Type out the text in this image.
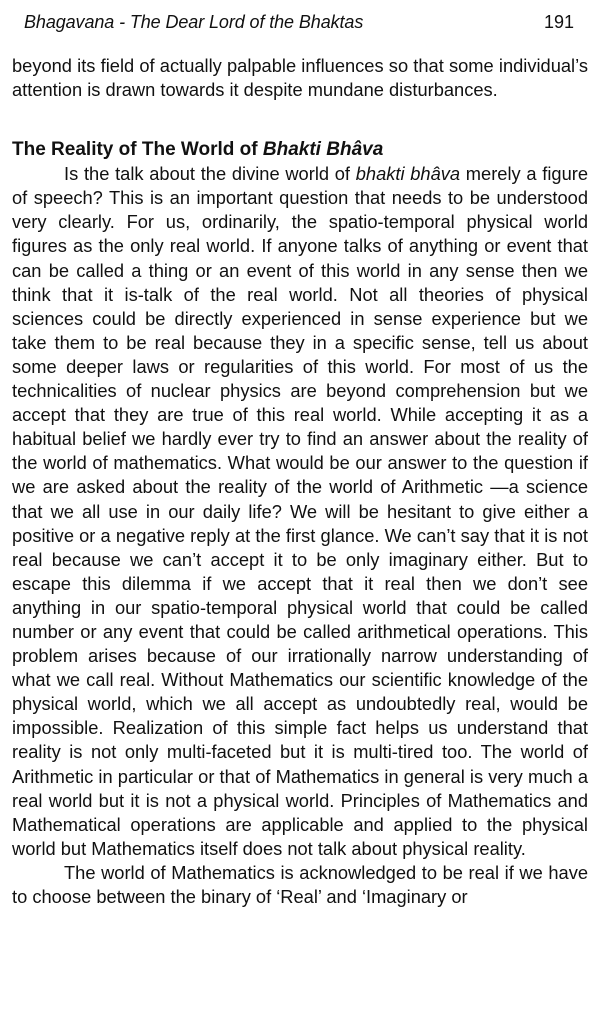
Bhagavana - The Dear Lord of the Bhaktas	191

beyond its field of actually palpable influences so that some individual’s attention is drawn towards it despite mundane disturbances.

The Reality of The World of Bhakti Bhâva

Is the talk about the divine world of bhakti bhâva merely a figure of speech? This is an important question that needs to be understood very clearly. For us, ordinarily, the spatio-temporal physical world figures as the only real world. If anyone talks of anything or event that can be called a thing or an event of this world in any sense then we think that it is-talk of the real world. Not all theories of physical sciences could be directly experienced in sense experience but we take them to be real because they in a specific sense, tell us about some deeper laws or regularities of this world. For most of us the technicalities of nuclear physics are beyond comprehension but we accept that they are true of this real world. While accepting it as a habitual belief we hardly ever try to find an answer about the reality of the world of mathematics. What would be our answer to the question if we are asked about the reality of the world of Arithmetic —a science that we all use in our daily life? We will be hesitant to give either a positive or a negative reply at the first glance. We can’t say that it is not real because we can’t accept it to be only imaginary either. But to escape this dilemma if we accept that it real then we don’t see anything in our spatio-temporal physical world that could be called number or any event that could be called arithmetical operations. This problem arises because of our irrationally narrow understanding of what we call real. Without Mathematics our scientific knowledge of the physical world, which we all accept as undoubtedly real, would be impossible. Realization of this simple fact helps us understand that reality is not only multi-faceted but it is multi-tired too. The world of Arithmetic in particular or that of Mathematics in general is very much a real world but it is not a physical world. Principles of Mathematics and Mathematical operations are applicable and applied to the physical world but Mathematics itself does not talk about physical reality.

The world of Mathematics is acknowledged to be real if we have to choose between the binary of ‘Real’ and ‘Imaginary or
